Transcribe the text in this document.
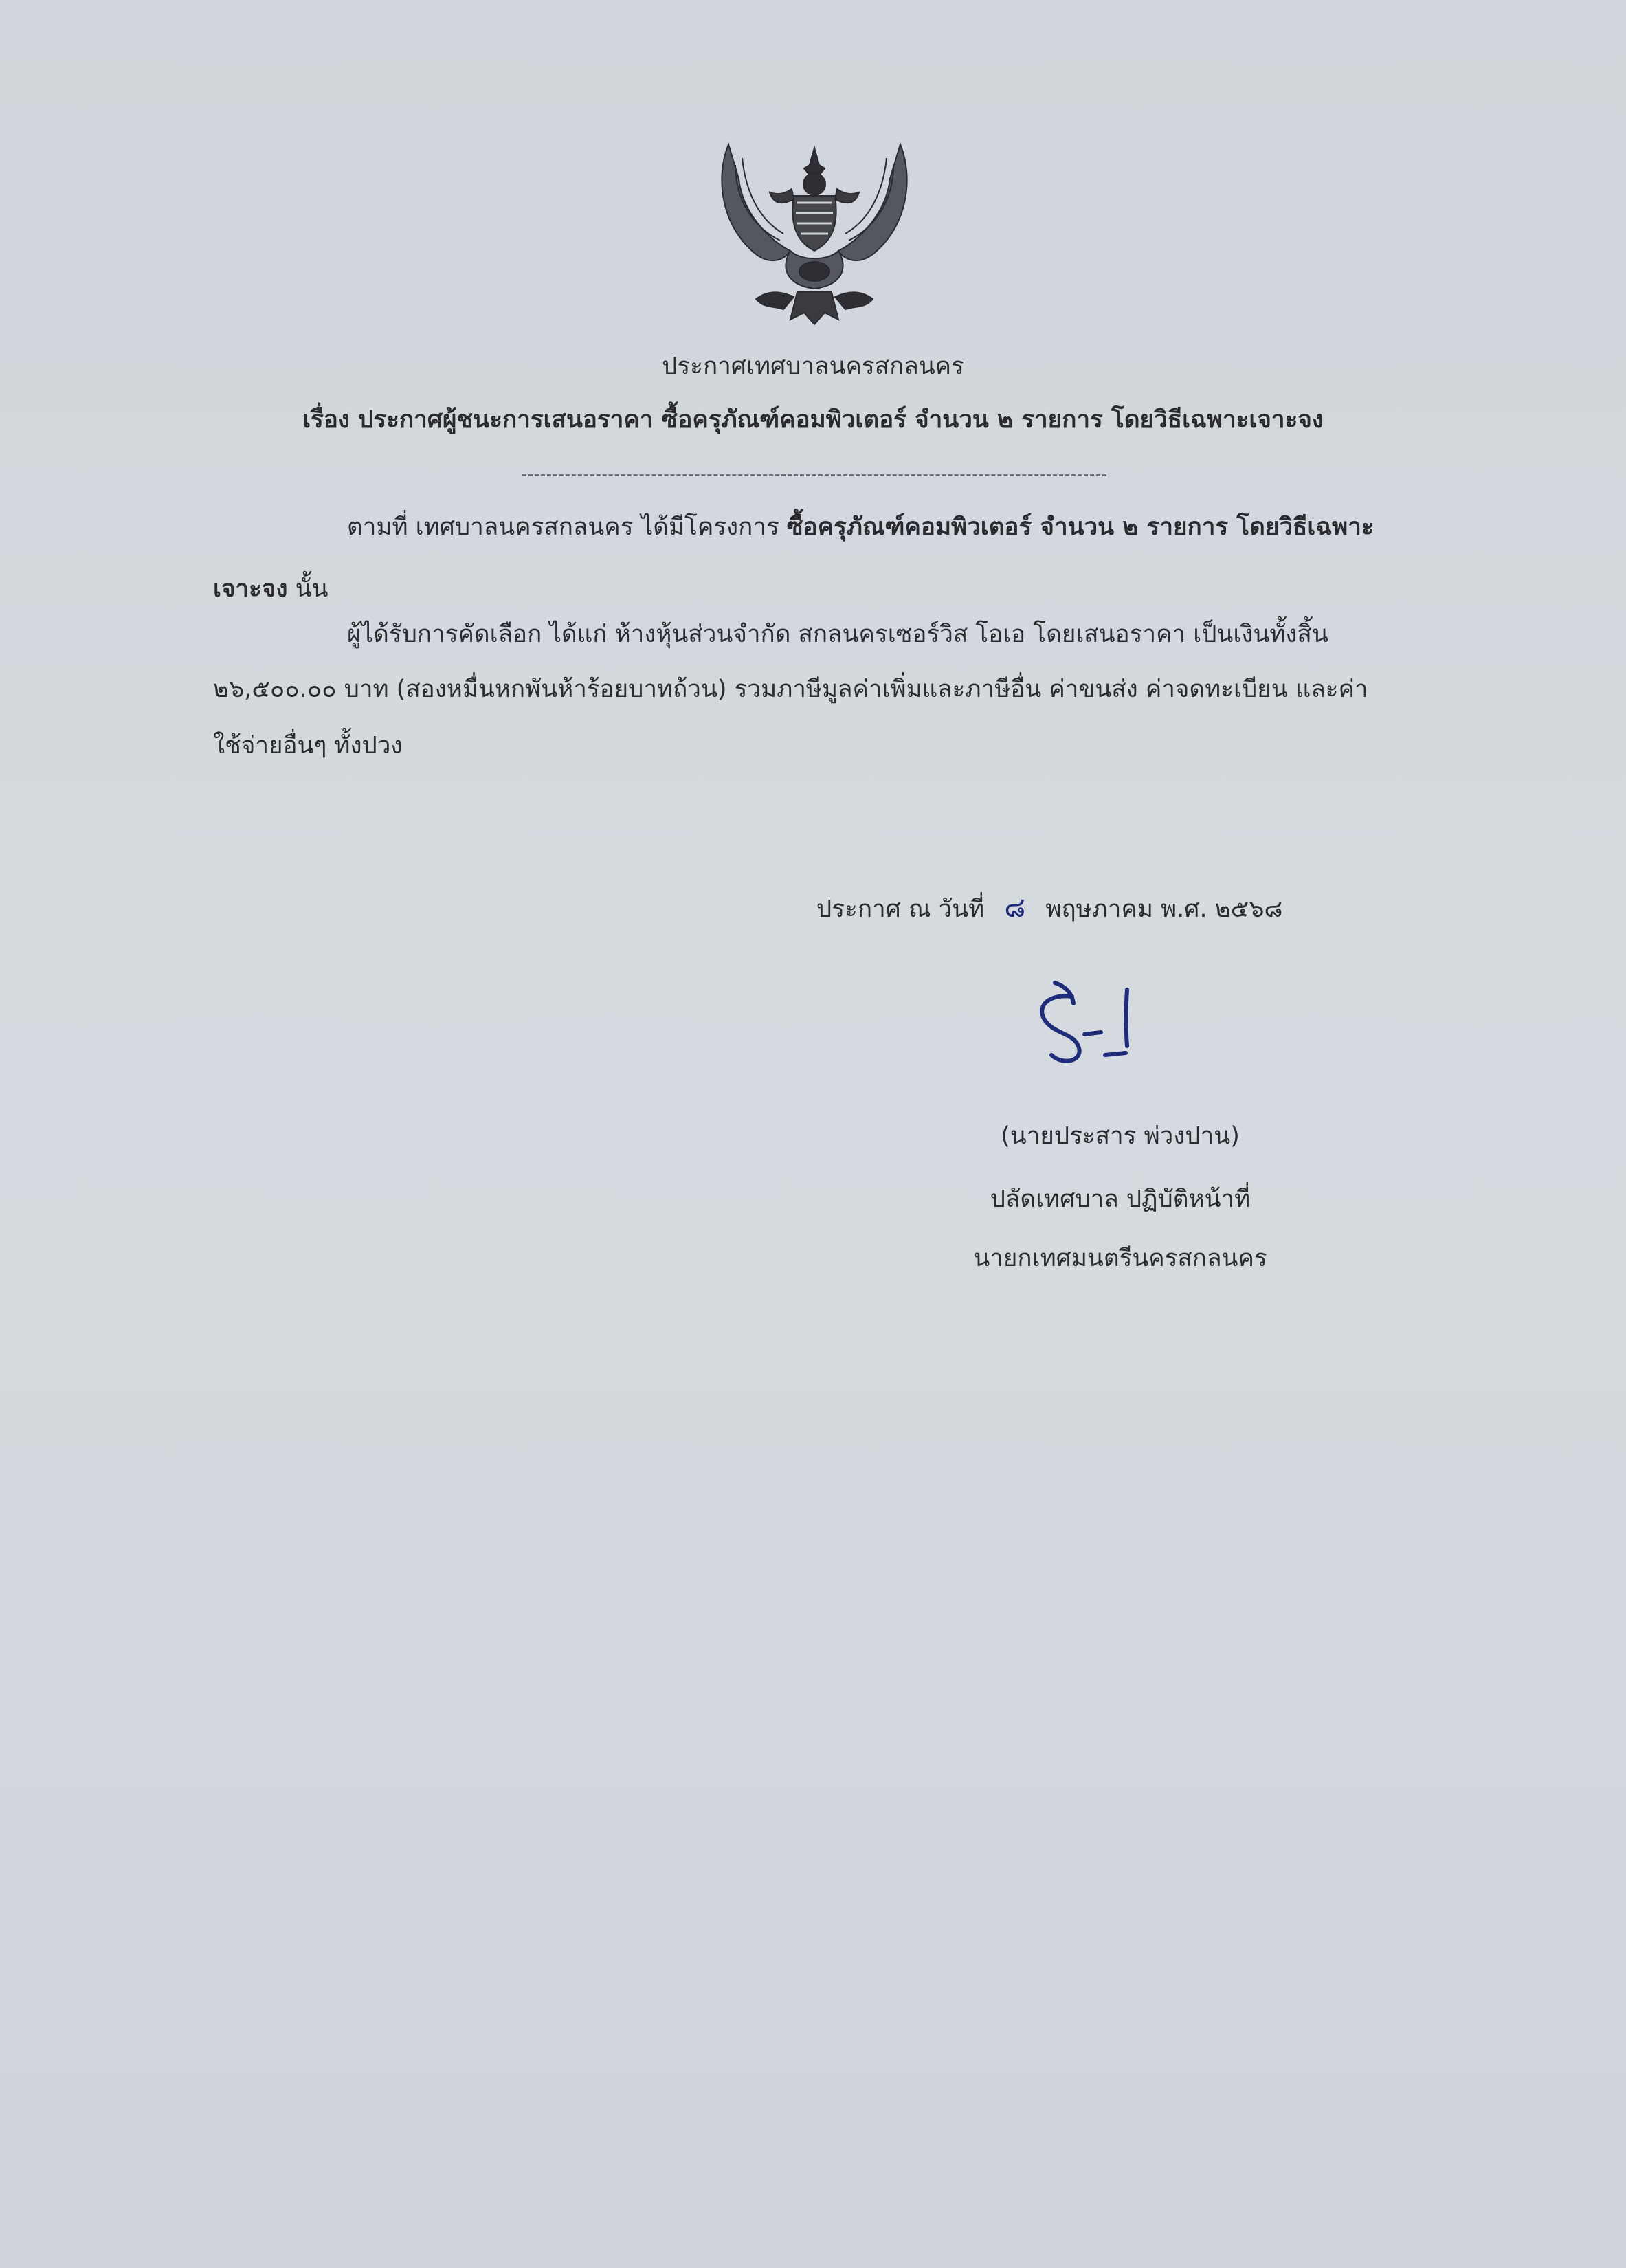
ประกาศเทศบาลนครสกลนคร
เรื่อง ประกาศผู้ชนะการเสนอราคา ซื้อครุภัณฑ์คอมพิวเตอร์ จำนวน ๒ รายการ โดยวิธีเฉพาะเจาะจง
ตามที่ เทศบาลนครสกลนคร ได้มีโครงการ ซื้อครุภัณฑ์คอมพิวเตอร์ จำนวน ๒ รายการ โดยวิธีเฉพาะ
เจาะจง นั้น
ผู้ได้รับการคัดเลือก ได้แก่ ห้างหุ้นส่วนจำกัด สกลนครเซอร์วิส โอเอ โดยเสนอราคา เป็นเงินทั้งสิ้น
๒๖,๕๐๐.๐๐ บาท (สองหมื่นหกพันห้าร้อยบาทถ้วน) รวมภาษีมูลค่าเพิ่มและภาษีอื่น ค่าขนส่ง ค่าจดทะเบียน และค่า
ใช้จ่ายอื่นๆ ทั้งปวง
ประกาศ ณ วันที่ ๘ พฤษภาคม พ.ศ. ๒๕๖๘
(นายประสาร พ่วงปาน)
ปลัดเทศบาล ปฏิบัติหน้าที่
นายกเทศมนตรีนครสกลนคร
